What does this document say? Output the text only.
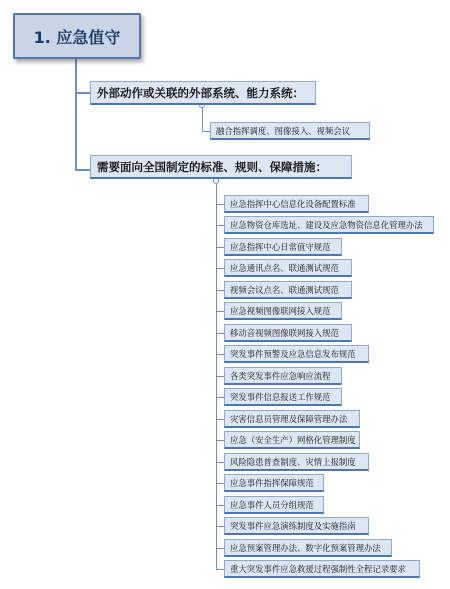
1. 应急值守
外部动作或关联的外部系统、能力系统：
需要面向全国制定的标准、规则、保障措施：
融合指挥调度、图像接入、视频会议
应急指挥中心信息化设备配置标准
应急物资仓库选址、建设及应急物资信息化管理办法
应急指挥中心日常值守规范
应急通讯点名、联通测试规范
视频会议点名、联通测试规范
应急视频图像联网接入规范
移动音视频图像联网接入规范
突发事件预警及应急信息发布规范
各类突发事件应急响应流程
突发事件信息报送工作规范
灾害信息员管理及保障管理办法
应急（安全生产）网格化管理制度
风险隐患普查制度、灾情上报制度
应急事件指挥保障规范
应急事件人员分组规范
突发事件应急演练制度及实施指南
应急预案管理办法、数字化预案管理办法
重大突发事件应急救援过程强制性全程记录要求
